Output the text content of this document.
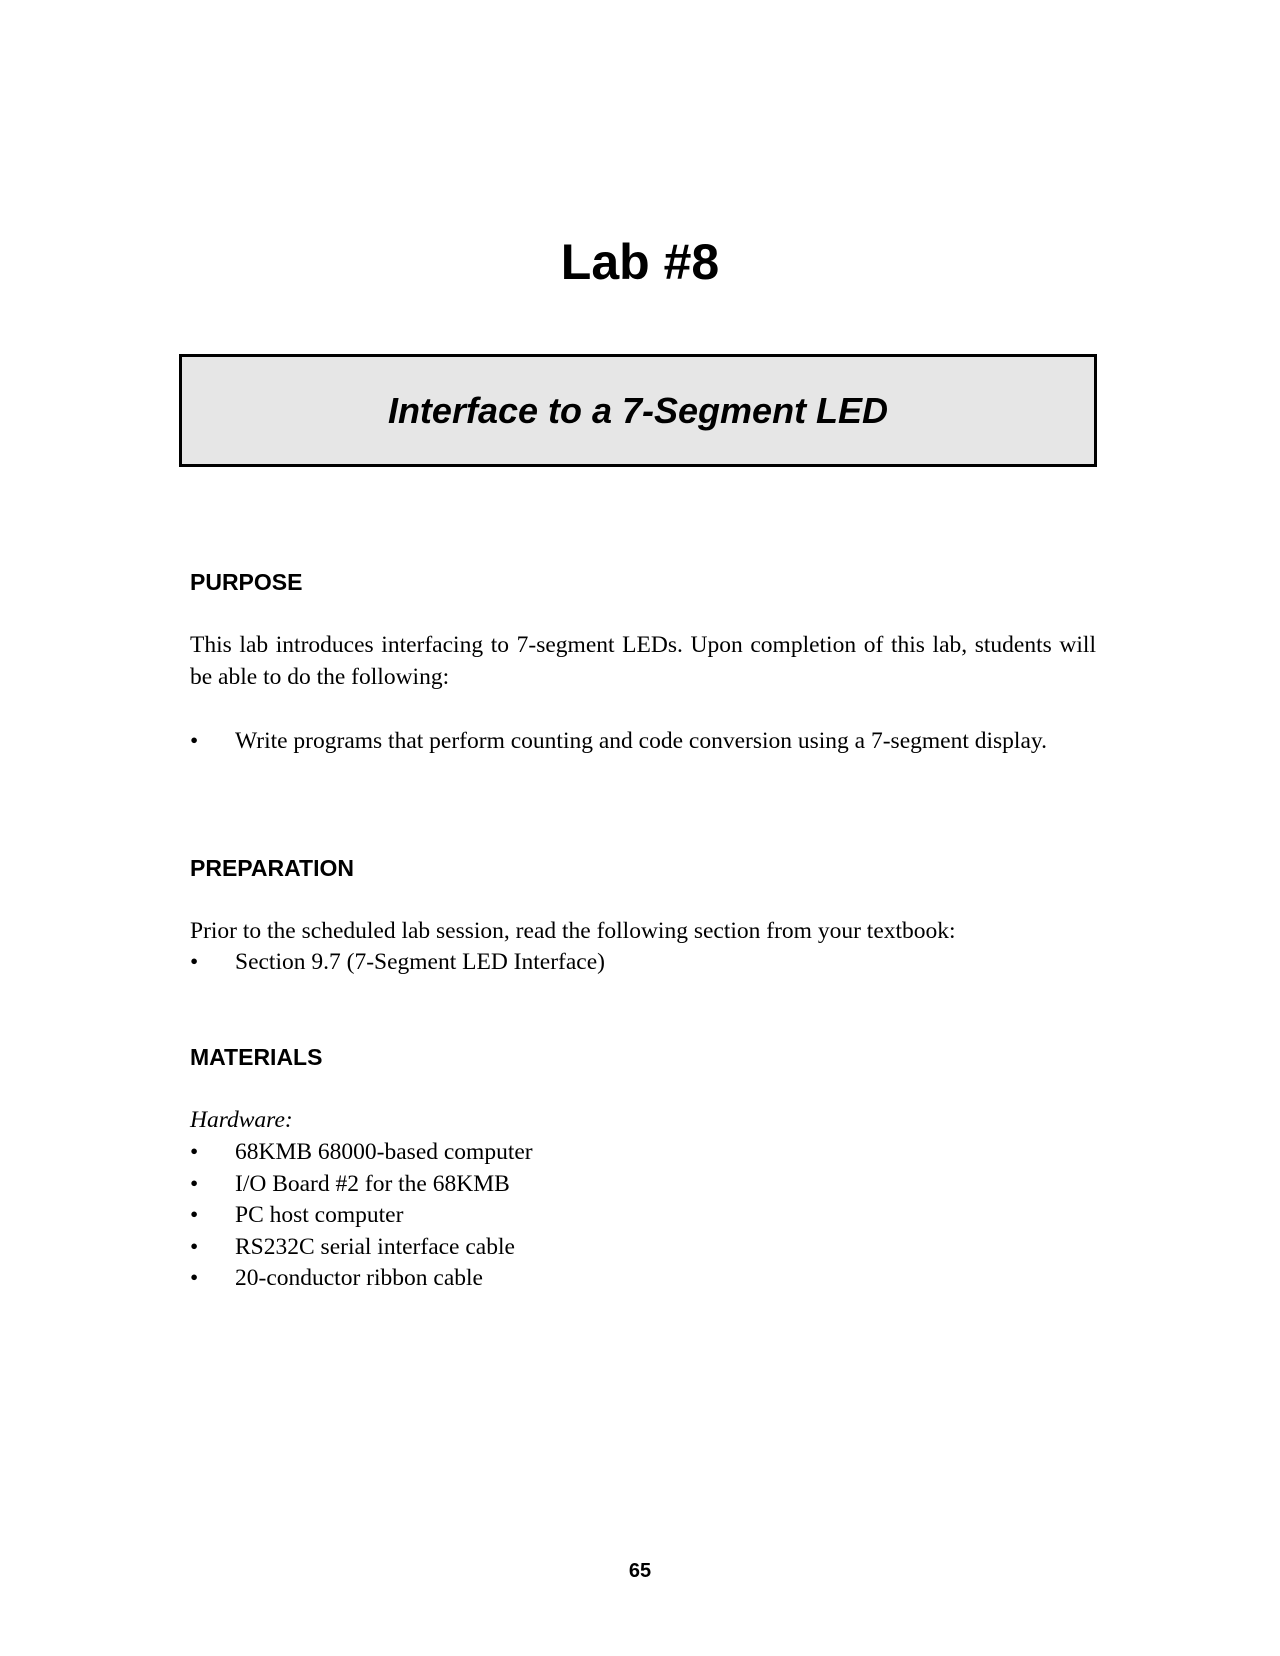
Lab #8
Interface to a 7-Segment LED
PURPOSE

This lab introduces interfacing to 7-segment LEDs. Upon completion of this lab, students will be able to do the following:

• Write programs that perform counting and code conversion using a 7-segment display.
PREPARATION

Prior to the scheduled lab session, read the following section from your textbook:

• Section 9.7 (7-Segment LED Interface)
MATERIALS

Hardware:

• 68KMB 68000-based computer
• I/O Board #2 for the 68KMB
• PC host computer
• RS232C serial interface cable
• 20-conductor ribbon cable
65
